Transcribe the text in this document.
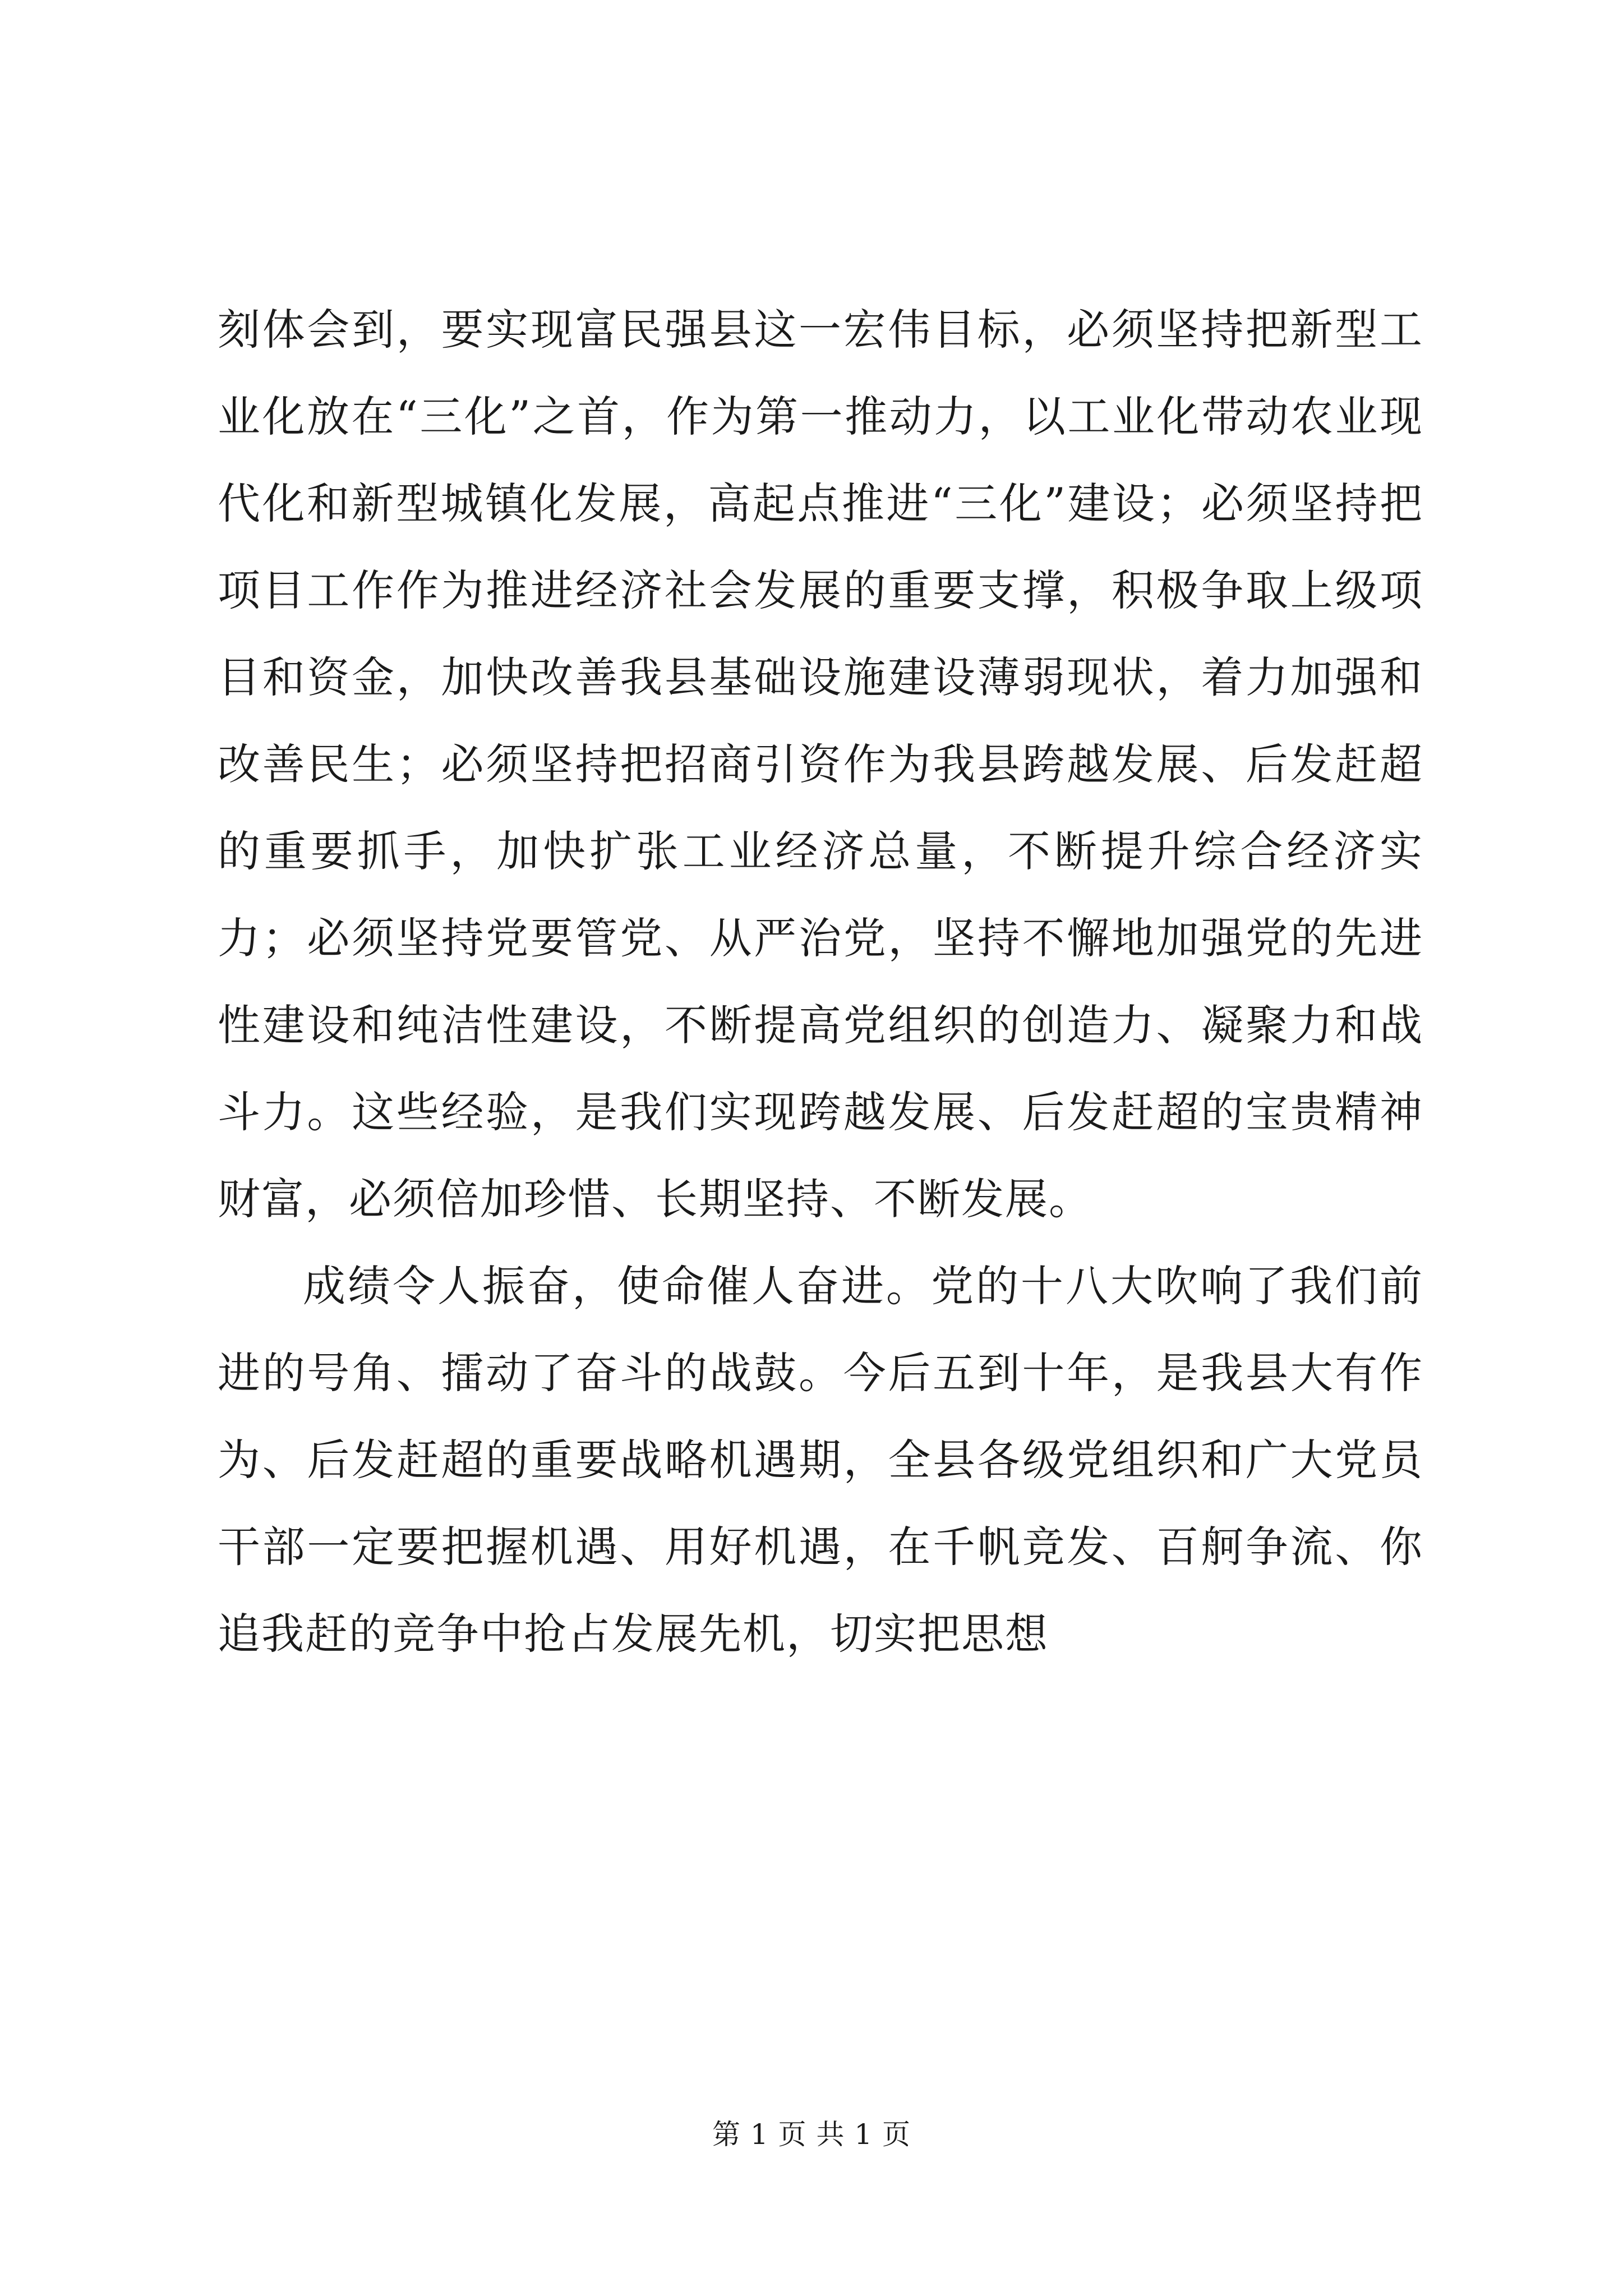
刻体会到，要实现富民强县这一宏伟目标，必须坚持把新型工业化放在“三化”之首，作为第一推动力，以工业化带动农业现代化和新型城镇化发展，高起点推进“三化”建设；必须坚持把项目工作作为推进经济社会发展的重要支撑，积极争取上级项目和资金，加快改善我县基础设施建设薄弱现状，着力加强和改善民生；必须坚持把招商引资作为我县跨越发展、后发赶超的重要抓手，加快扩张工业经济总量，不断提升综合经济实力；必须坚持党要管党、从严治党，坚持不懈地加强党的先进性建设和纯洁性建设，不断提高党组织的创造力、凝聚力和战斗力。这些经验，是我们实现跨越发展、后发赶超的宝贵精神财富，必须倍加珍惜、长期坚持、不断发展。

成绩令人振奋，使命催人奋进。党的十八大吹响了我们前进的号角、擂动了奋斗的战鼓。今后五到十年，是我县大有作为、后发赶超的重要战略机遇期，全县各级党组织和广大党员干部一定要把握机遇、用好机遇，在千帆竞发、百舸争流、你追我赶的竞争中抢占发展先机，切实把思想

第 1 页 共 1 页
